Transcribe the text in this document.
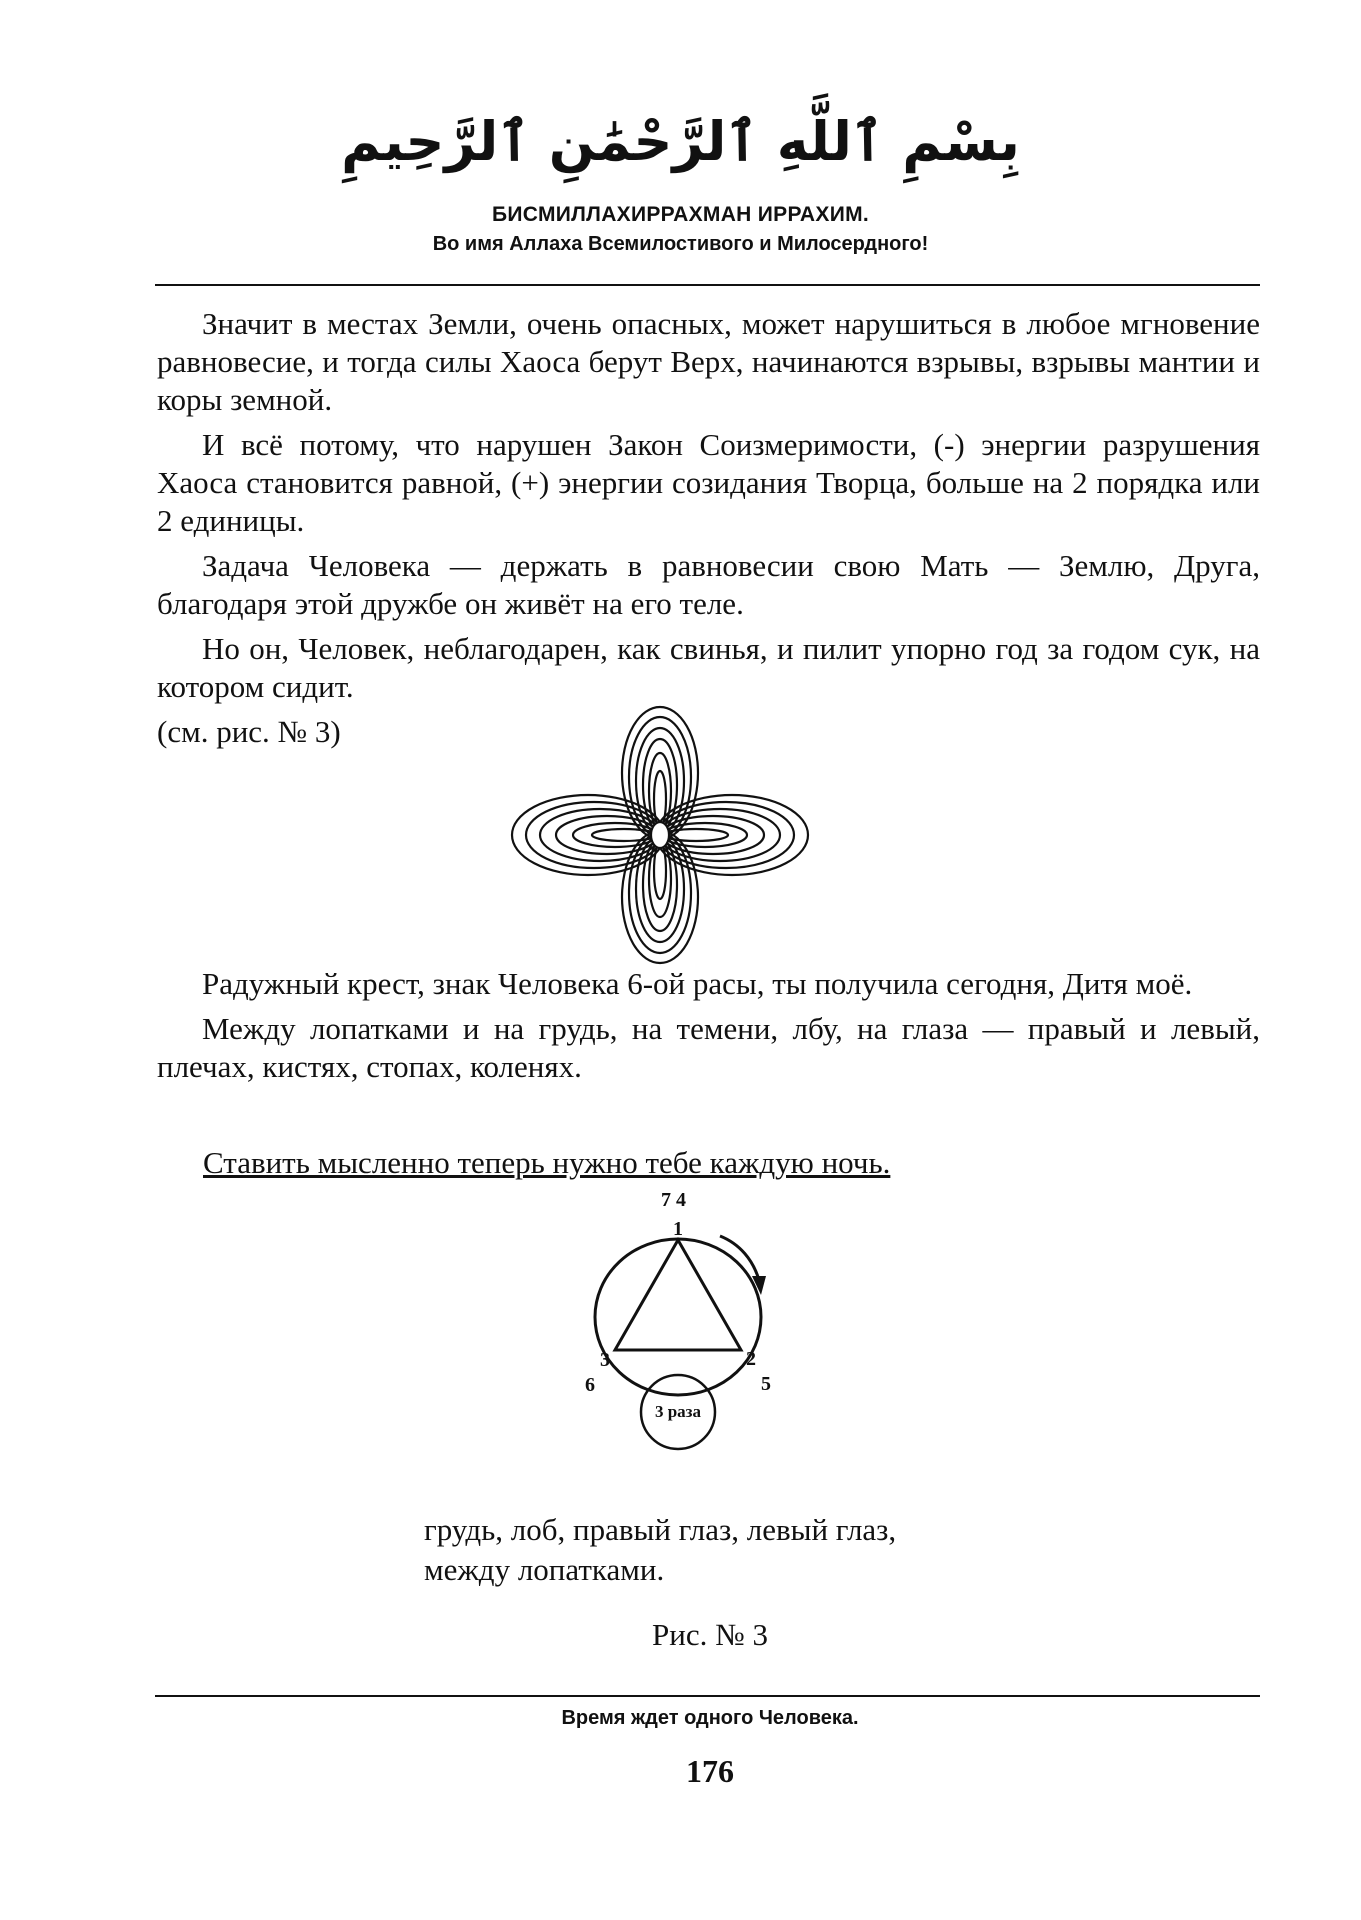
بِسْمِ ٱللَّهِ ٱلرَّحْمَٰنِ ٱلرَّحِيمِ
БИСМИЛЛАХИРРАХМАН ИРРАХИМ.
Во имя Аллаха Всемилостивого и Милосердного!

Значит в местах Земли, очень опасных, может нарушиться в любое мгновение равновесие, и тогда силы Хаоса берут Верх, начинаются взрывы, взрывы мантии и коры земной.

И всё потому, что нарушен Закон Соизмеримости, (-) энергии разрушения Хаоса становится равной, (+) энергии созидания Творца, больше на 2 порядка или 2 единицы.

Задача Человека — держать в равновесии свою Мать — Землю, Друга, благодаря этой дружбе он живёт на его теле.

Но он, Человек, неблагодарен, как свинья, и пилит упорно год за годом сук, на котором сидит.

(см. рис. № 3)

Радужный крест, знак Человека 6-ой расы, ты получила сегодня, Дитя моё.

Между лопатками и на грудь, на темени, лбу, на глаза — правый и левый, плечах, кистях, стопах, коленях.

Ставить мысленно теперь нужно тебе каждую ночь.
7 4
1
3	2
6	5
3 раза
грудь, лоб, правый глаз, левый глаз,
между лопатками.
Рис. № 3
Время ждет одного Человека.
176
